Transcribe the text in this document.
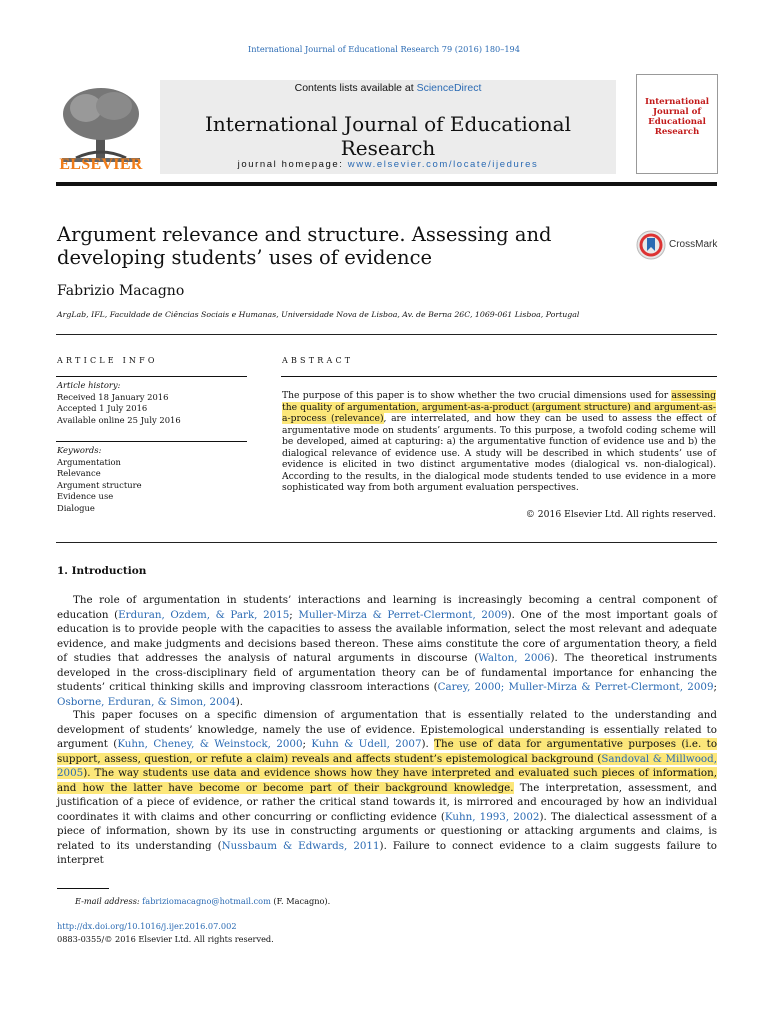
International Journal of Educational Research 79 (2016) 180–194
ELSEVIER
Contents lists available at ScienceDirect
International Journal of Educational Research
journal homepage: www.elsevier.com/locate/ijedures
International Journal of
Educational
Research
Argument relevance and structure. Assessing and developing students’ uses of evidence
CrossMark
Fabrizio Macagno
ArgLab, IFL, Faculdade de Ciências Sociais e Humanas, Universidade Nova de Lisboa, Av. de Berna 26C, 1069-061 Lisboa, Portugal
ARTICLE INFO	ABSTRACT
Article history:
Received 18 January 2016
Accepted 1 July 2016
Available online 25 July 2016
Keywords:
Argumentation
Relevance
Argument structure
Evidence use
Dialogue
The purpose of this paper is to show whether the two crucial dimensions used for assessing the quality of argumentation, argument-as-a-product (argument structure) and argument-as-a-process (relevance), are interrelated, and how they can be used to assess the effect of argumentative mode on students’ arguments. To this purpose, a twofold coding scheme will be developed, aimed at capturing: a) the argumentative function of evidence use and b) the dialogical relevance of evidence use. A study will be described in which students’ use of evidence is elicited in two distinct argumentative modes (dialogical vs. non-dialogical). According to the results, in the dialogical mode students tended to use evidence in a more sophisticated way from both argument evaluation perspectives.
© 2016 Elsevier Ltd. All rights reserved.
1. Introduction

The role of argumentation in students’ interactions and learning is increasingly becoming a central component of education (Erduran, Ozdem, & Park, 2015; Muller-Mirza & Perret-Clermont, 2009). One of the most important goals of education is to provide people with the capacities to assess the available information, select the most relevant and adequate evidence, and make judgments and decisions based thereon. These aims constitute the core of argumentation theory, a field of studies that addresses the analysis of natural arguments in discourse (Walton, 2006). The theoretical instruments developed in the cross-disciplinary field of argumentation theory can be of fundamental importance for enhancing the students’ critical thinking skills and improving classroom interactions (Carey, 2000; Muller-Mirza & Perret-Clermont, 2009; Osborne, Erduran, & Simon, 2004).

This paper focuses on a specific dimension of argumentation that is essentially related to the understanding and development of students’ knowledge, namely the use of evidence. Epistemological understanding is essentially related to argument (Kuhn, Cheney, & Weinstock, 2000; Kuhn & Udell, 2007). The use of data for argumentative purposes (i.e. to support, assess, question, or refute a claim) reveals and affects student’s epistemological background (Sandoval & Millwood, 2005). The way students use data and evidence shows how they have interpreted and evaluated such pieces of information, and how the latter have become or become part of their background knowledge. The interpretation, assessment, and justification of a piece of evidence, or rather the critical stand towards it, is mirrored and encouraged by how an individual coordinates it with claims and other concurring or conflicting evidence (Kuhn, 1993, 2002). The dialectical assessment of a piece of information, shown by its use in constructing arguments or questioning or attacking arguments and claims, is related to its understanding (Nussbaum & Edwards, 2011). Failure to connect evidence to a claim suggests failure to interpret

E-mail address: fabriziomacagno@hotmail.com (F. Macagno).
http://dx.doi.org/10.1016/j.ijer.2016.07.002
0883-0355/© 2016 Elsevier Ltd. All rights reserved.
